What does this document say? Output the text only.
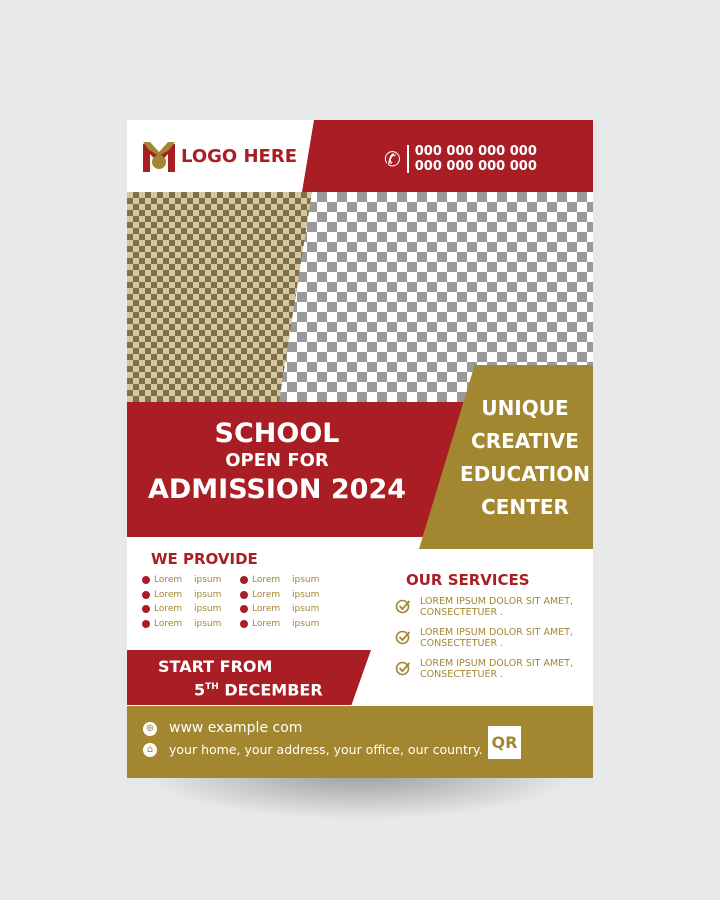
LOGO HERE	✆ 000 000 000 000
000 000 000 000
SCHOOL
OPEN FOR
ADMISSION 2024
UNIQUE
CREATIVE
EDUCATION
CENTER
WE PROVIDE
Lorem	ipsum
Lorem	ipsum
Lorem	ipsum
Lorem	ipsum
Lorem	ipsum
Lorem	ipsum
Lorem	ipsum
Lorem	ipsum
OUR SERVICES
LOREM IPSUM DOLOR SIT AMET, CONSECTETUER .
LOREM IPSUM DOLOR SIT AMET, CONSECTETUER .
LOREM IPSUM DOLOR SIT AMET, CONSECTETUER .
START FROM
5TH DECEMBER
⊕ www example com
⌂	your home, your address, your office, our country. QR
